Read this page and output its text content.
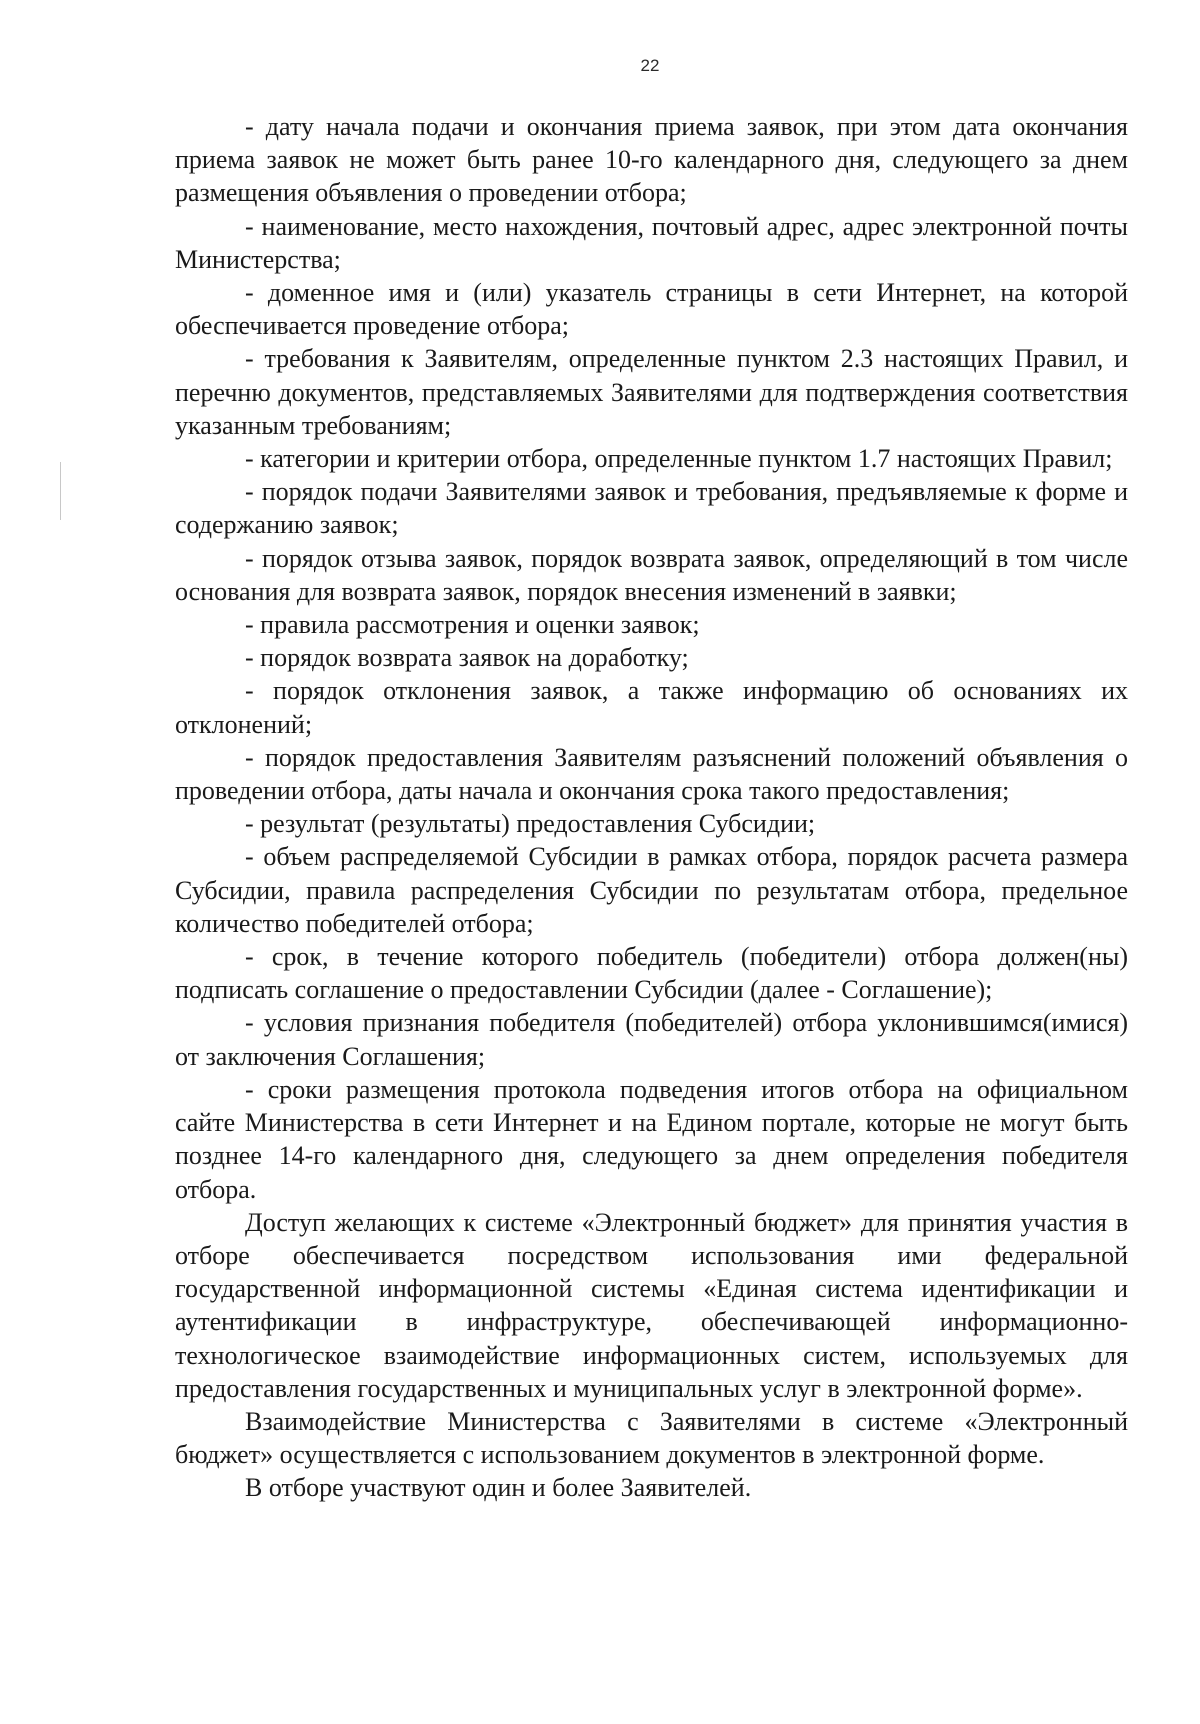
22

- дату начала подачи и окончания приема заявок, при этом дата окончания приема заявок не может быть ранее 10-го календарного дня, следующего за днем размещения объявления о проведении отбора;

- наименование, место нахождения, почтовый адрес, адрес электронной почты Министерства;

- доменное имя и (или) указатель страницы в сети Интернет, на которой обеспечивается проведение отбора;

- требования к Заявителям, определенные пунктом 2.3 настоящих Правил, и перечню документов, представляемых Заявителями для подтверждения соответствия указанным требованиям;

- категории и критерии отбора, определенные пунктом 1.7 настоящих Правил;

- порядок подачи Заявителями заявок и требования, предъявляемые к форме и содержанию заявок;

- порядок отзыва заявок, порядок возврата заявок, определяющий в том числе основания для возврата заявок, порядок внесения изменений в заявки;

- правила рассмотрения и оценки заявок;

- порядок возврата заявок на доработку;

- порядок отклонения заявок, а также информацию об основаниях их отклонений;

- порядок предоставления Заявителям разъяснений положений объявления о проведении отбора, даты начала и окончания срока такого предоставления;

- результат (результаты) предоставления Субсидии;

- объем распределяемой Субсидии в рамках отбора, порядок расчета размера Субсидии, правила распределения Субсидии по результатам отбора, предельное количество победителей отбора;

- срок, в течение которого победитель (победители) отбора должен(ны) подписать соглашение о предоставлении Субсидии (далее - Соглашение);

- условия признания победителя (победителей) отбора уклонившимся(имися) от заключения Соглашения;

- сроки размещения протокола подведения итогов отбора на официальном сайте Министерства в сети Интернет и на Едином портале, которые не могут быть позднее 14-го календарного дня, следующего за днем определения победителя отбора.

Доступ желающих к системе «Электронный бюджет» для принятия участия в отборе обеспечивается посредством использования ими федеральной государственной информационной системы «Единая система идентификации и аутентификации в инфраструктуре, обеспечивающей информационно-технологическое взаимодействие информационных систем, используемых для предоставления государственных и муниципальных услуг в электронной форме».

Взаимодействие Министерства с Заявителями в системе «Электронный бюджет» осуществляется с использованием документов в электронной форме.

В отборе участвуют один и более Заявителей.
